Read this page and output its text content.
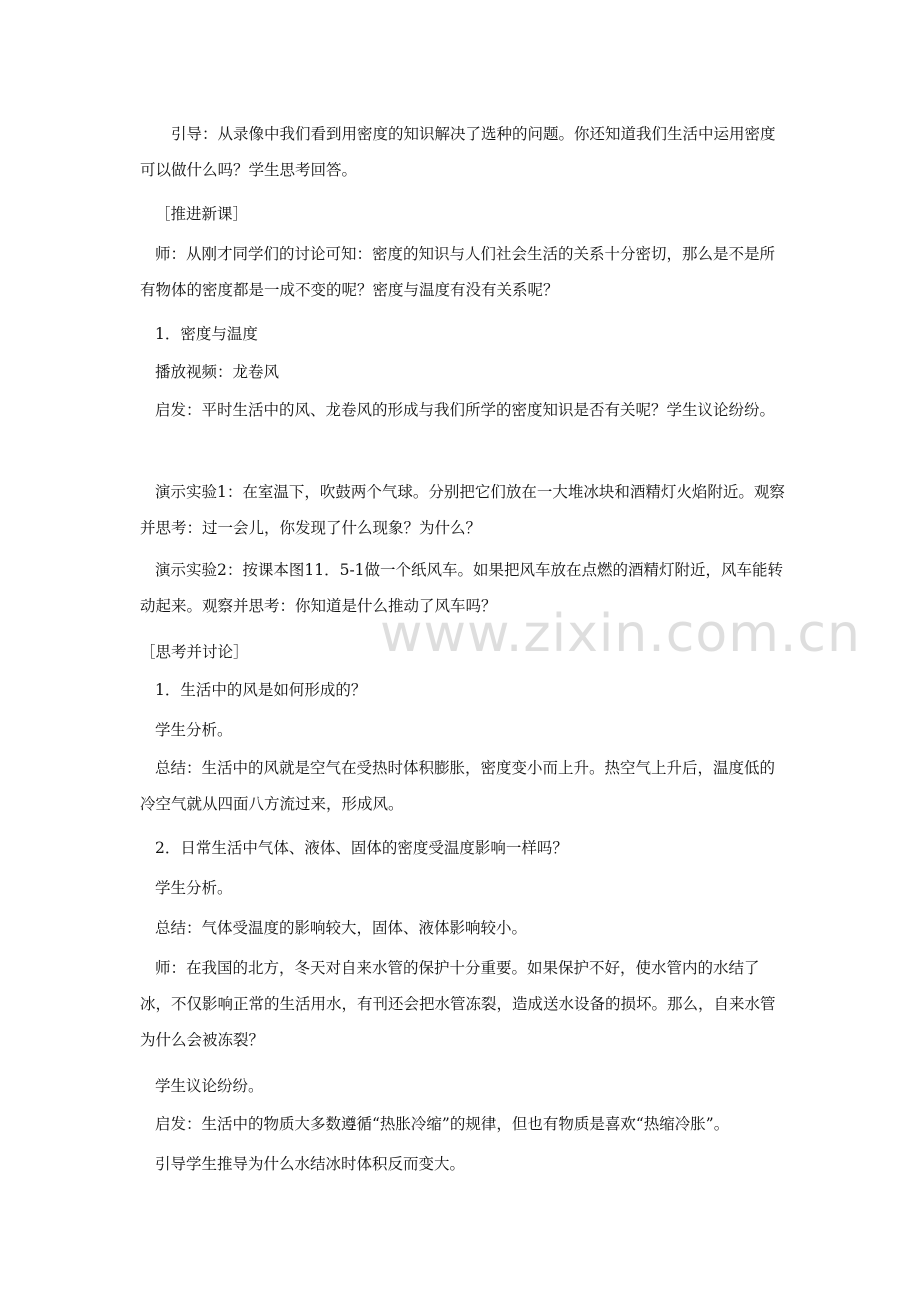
引导：从录像中我们看到用密度的知识解决了选种的问题。你还知道我们生活中运用密度可以做什么吗？学生思考回答。

［推进新课］

师：从刚才同学们的讨论可知：密度的知识与人们社会生活的关系十分密切，那么是不是所有物体的密度都是一成不变的呢？密度与温度有没有关系呢？

1．密度与温度

播放视频：龙卷风

启发：平时生活中的风、龙卷风的形成与我们所学的密度知识是否有关呢？学生议论纷纷。

演示实验1：在室温下，吹鼓两个气球。分别把它们放在一大堆冰块和酒精灯火焰附近。观察并思考：过一会儿，你发现了什么现象？为什么？

演示实验2：按课本图11．5-1做一个纸风车。如果把风车放在点燃的酒精灯附近，风车能转动起来。观察并思考：你知道是什么推动了风车吗？

［思考并讨论］

1．生活中的风是如何形成的？

学生分析。

总结：生活中的风就是空气在受热时体积膨胀，密度变小而上升。热空气上升后，温度低的冷空气就从四面八方流过来，形成风。

2．日常生活中气体、液体、固体的密度受温度影响一样吗？

学生分析。

总结：气体受温度的影响较大，固体、液体影响较小。

师：在我国的北方，冬天对自来水管的保护十分重要。如果保护不好，使水管内的水结了冰，不仅影响正常的生活用水，有刊还会把水管冻裂，造成送水设备的损坏。那么，自来水管为什么会被冻裂？

学生议论纷纷。

启发：生活中的物质大多数遵循“热胀冷缩”的规律，但也有物质是喜欢“热缩冷胀”。

引导学生推导为什么水结冰时体积反而变大。

www.zixin.com.cn
